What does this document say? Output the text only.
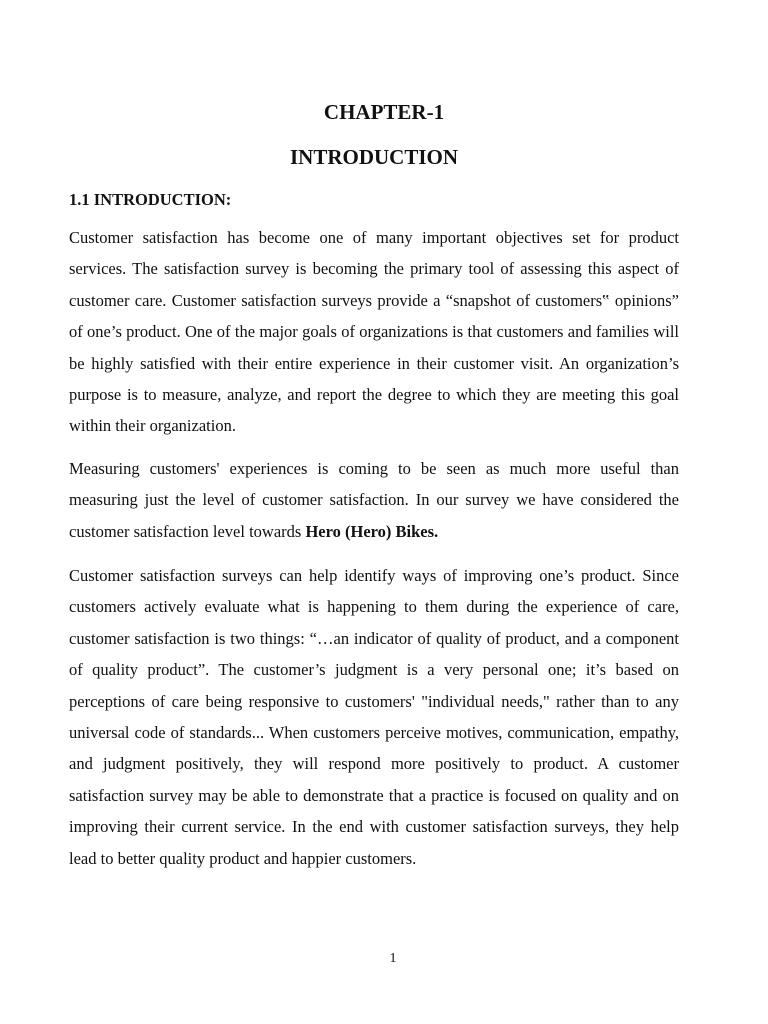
CHAPTER-1
INTRODUCTION
1.1 INTRODUCTION:

Customer satisfaction has become one of many important objectives set for product services. The satisfaction survey is becoming the primary tool of assessing this aspect of customer care. Customer satisfaction surveys provide a “snapshot of customers‟ opinions” of one’s product. One of the major goals of organizations is that customers and families will be highly satisfied with their entire experience in their customer visit. An organization’s purpose is to measure, analyze, and report the degree to which they are meeting this goal within their organization.

Measuring customers' experiences is coming to be seen as much more useful than measuring just the level of customer satisfaction. In our survey we have considered the customer satisfaction level towards Hero (Hero) Bikes.

Customer satisfaction surveys can help identify ways of improving one’s product. Since customers actively evaluate what is happening to them during the experience of care, customer satisfaction is two things: “…an indicator of quality of product, and a component of quality product”. The customer’s judgment is a very personal one; it’s based on perceptions of care being responsive to customers' "individual needs," rather than to any universal code of standards... When customers perceive motives, communication, empathy, and judgment positively, they will respond more positively to product. A customer satisfaction survey may be able to demonstrate that a practice is focused on quality and on improving their current service. In the end with customer satisfaction surveys, they help lead to better quality product and happier customers.

1
